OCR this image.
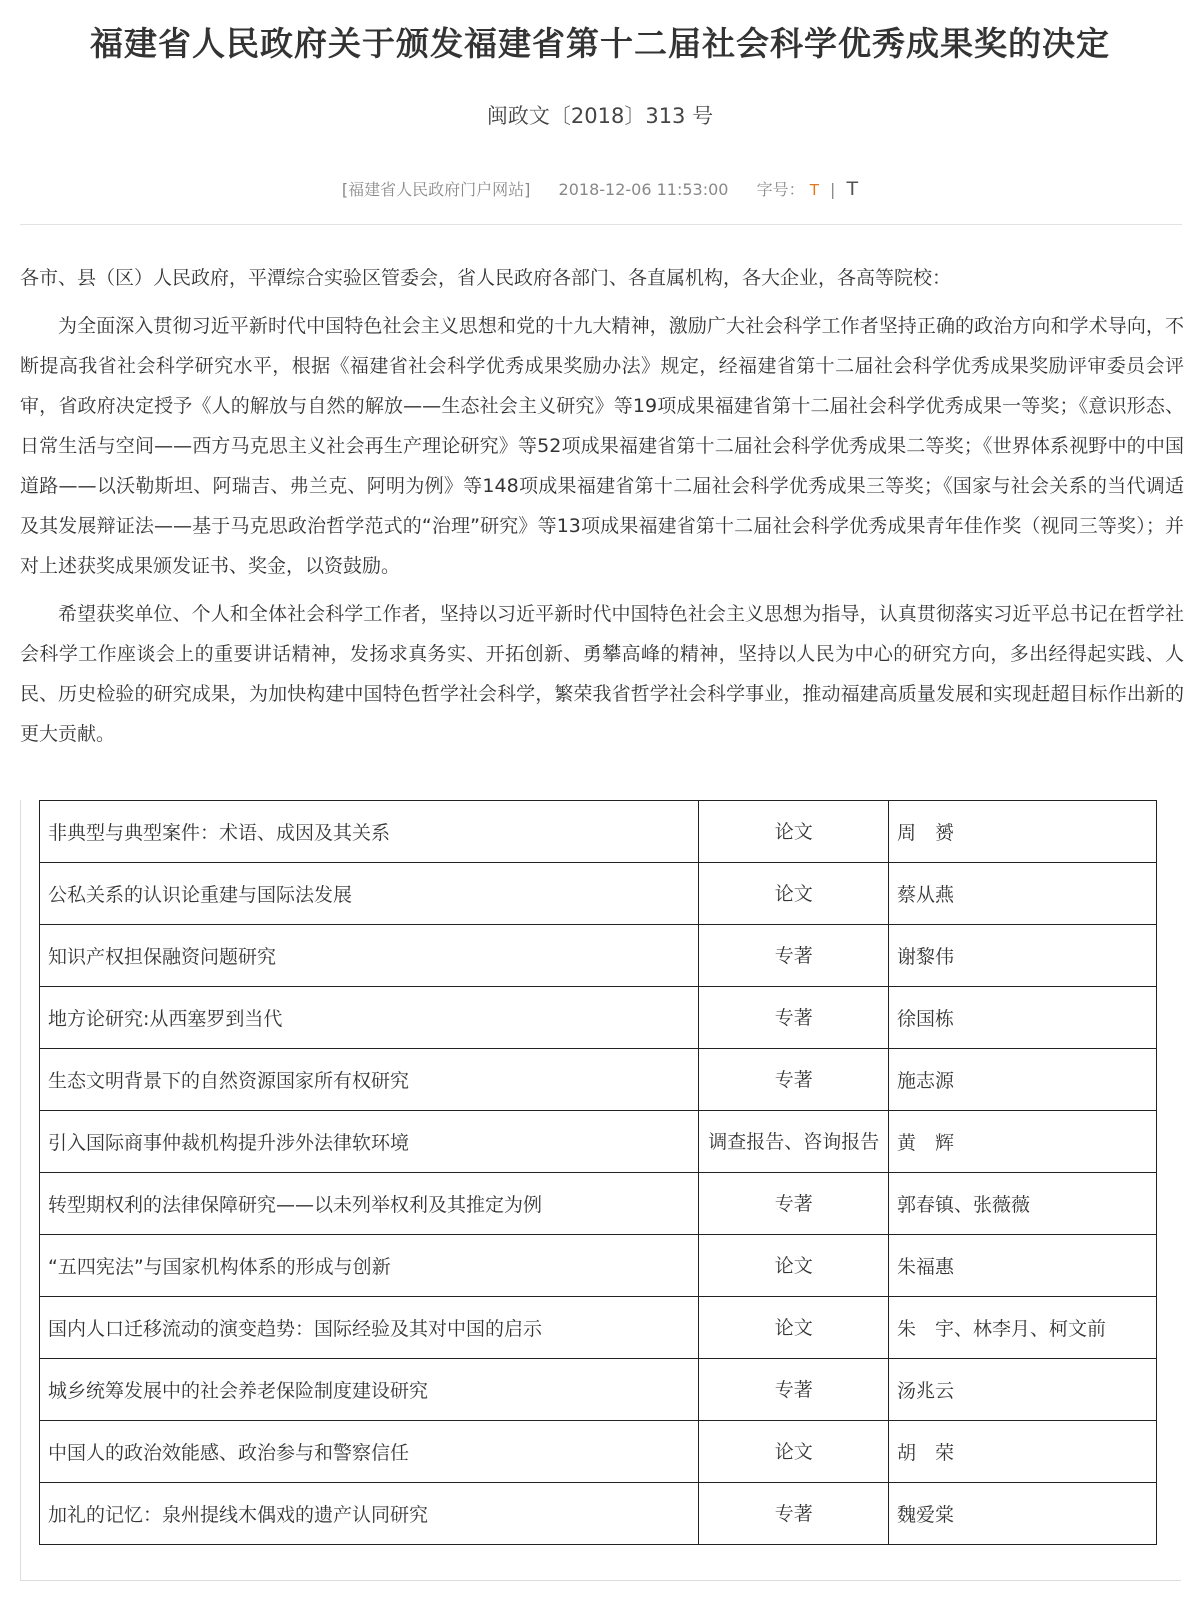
福建省人民政府关于颁发福建省第十二届社会科学优秀成果奖的决定
闽政文〔2018〕313 号
[福建省人民政府门户网站] 2018-12-06 11:53:00 字号： T | T

各市、县（区）人民政府，平潭综合实验区管委会，省人民政府各部门、各直属机构，各大企业，各高等院校：

为全面深入贯彻习近平新时代中国特色社会主义思想和党的十九大精神，激励广大社会科学工作者坚持正确的政治方向和学术导向，不断提高我省社会科学研究水平，根据《福建省社会科学优秀成果奖励办法》规定，经福建省第十二届社会科学优秀成果奖励评审委员会评审，省政府决定授予《人的解放与自然的解放——生态社会主义研究》等19项成果福建省第十二届社会科学优秀成果一等奖；《意识形态、日常生活与空间——西方马克思主义社会再生产理论研究》等52项成果福建省第十二届社会科学优秀成果二等奖；《世界体系视野中的中国道路——以沃勒斯坦、阿瑞吉、弗兰克、阿明为例》等148项成果福建省第十二届社会科学优秀成果三等奖；《国家与社会关系的当代调适及其发展辩证法——基于马克思政治哲学范式的“治理”研究》等13项成果福建省第十二届社会科学优秀成果青年佳作奖（视同三等奖）；并对上述获奖成果颁发证书、奖金，以资鼓励。

希望获奖单位、个人和全体社会科学工作者，坚持以习近平新时代中国特色社会主义思想为指导，认真贯彻落实习近平总书记在哲学社会科学工作座谈会上的重要讲话精神，发扬求真务实、开拓创新、勇攀高峰的精神，坚持以人民为中心的研究方向，多出经得起实践、人民、历史检验的研究成果，为加快构建中国特色哲学社会科学，繁荣我省哲学社会科学事业，推动福建高质量发展和实现赶超目标作出新的更大贡献。

非典型与典型案件：术语、成因及其关系	论文	周　赟
公私关系的认识论重建与国际法发展	论文	蔡从燕
知识产权担保融资问题研究	专著	谢黎伟
地方论研究:从西塞罗到当代	专著	徐国栋
生态文明背景下的自然资源国家所有权研究	专著	施志源
引入国际商事仲裁机构提升涉外法律软环境	调查报告、咨询报告	黄　辉
转型期权利的法律保障研究——以未列举权利及其推定为例	专著	郭春镇、张薇薇
“五四宪法”与国家机构体系的形成与创新	论文	朱福惠
国内人口迁移流动的演变趋势：国际经验及其对中国的启示	论文	朱　宇、林李月、柯文前
城乡统筹发展中的社会养老保险制度建设研究	专著	汤兆云
中国人的政治效能感、政治参与和警察信任	论文	胡　荣
加礼的记忆：泉州提线木偶戏的遗产认同研究	专著	魏爱棠
